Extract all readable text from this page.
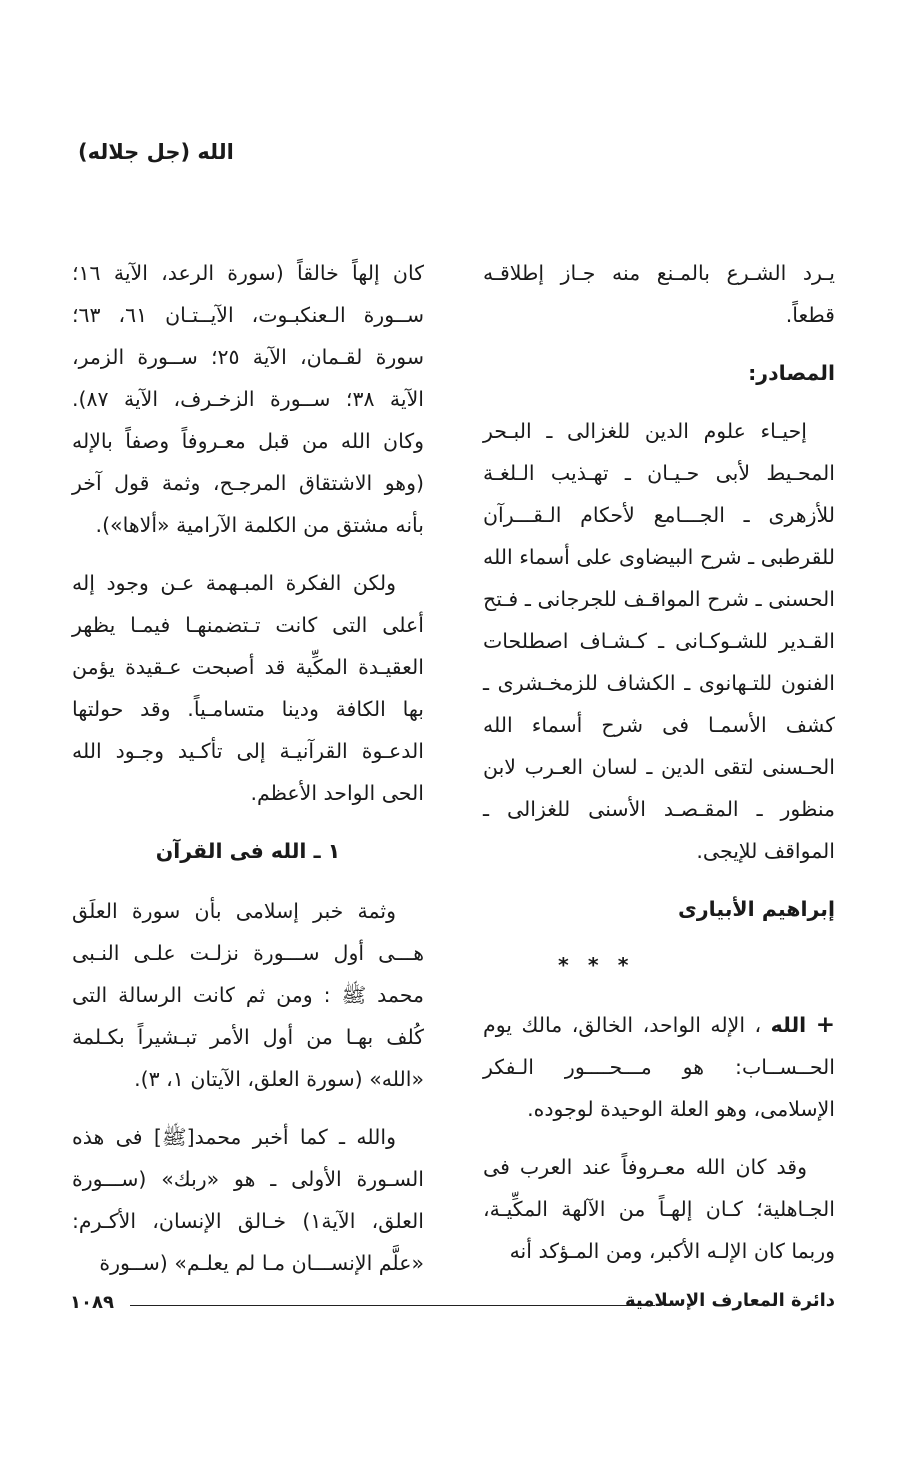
الله (جل جلاله)

يـرد الشـرع بالمـنع منه جـاز إطلاقـه قطعاً.

المصادر:

إحيـاء علوم الدين للغزالى ـ البـحر المحـيط لأبى حـيـان ـ تهـذيب الـلغـة للأزهرى ـ الجـــامع لأحكام الـقـــرآن للقرطبى ـ شرح البيضاوى على أسماء الله الحسنى ـ شرح المواقـف للجرجانى ـ فـتح القـدير للشـوكـانى ـ كـشـاف اصطلحات الفنون للتـهانوى ـ الكشاف للزمخـشرى ـ كشف الأسمـا فى شرح أسماء الله الحـسنى لتقى الدين ـ لسان العـرب لابن منظور ـ المقـصـد الأسنى للغزالى ـ المواقف للإيجى.

إبراهيم الأبيارى
* * *

+ الله ، الإله الواحد، الخالق، مالك يوم الحــســاب: هو مـــحــــور الـفكر الإسلامى، وهو العلة الوحيدة لوجوده.

وقد كان الله معـروفاً عند العرب فى الجـاهلية؛ كـان إلهـاً من الآلهة المكِّيـة، وربما كان الإلـه الأكبر، ومن المـؤكد أنه

كان إلهاً خالقاً (سورة الرعد، الآية ١٦؛ ســورة الـعنكبـوت، الآيــتـان ٦١، ٦٣؛ سورة لقـمان، الآية ٢٥؛ ســورة الزمر، الآية ٣٨؛ ســورة الزخـرف، الآية ٨٧). وكان الله من قبل معـروفاً وصفاً بالإله (وهو الاشتقاق المرجـح، وثمة قول آخر بأنه مشتق من الكلمة الآرامية «ألاها»).

ولكن الفكرة المبـهمة عـن وجود إله أعلى التى كانت تـتضمنهـا فيمـا يظهر العقيـدة المكِّية قد أصبحت عـقيدة يؤمن بها الكافة ودينا متسامـياً. وقد حولتها الدعـوة القرآنيـة إلى تأكـيد وجـود الله الحى الواحد الأعظم.

١ ـ الله فى القرآن

وثمة خبر إسلامى بأن سورة العلَق هـــى أول ســـورة نزلـت علـى النـبى محمد ﷺ : ومن ثم كانت الرسالة التى كُلف بهـا من أول الأمر تبـشيراً بكـلمة «الله» (سورة العلق، الآيتان ١، ٣).

والله ـ كما أخبر محمد[ﷺ] فى هذه السـورة الأولى ـ هو «ربك» (ســـورة العلق، الآية١) خـالق الإنسان، الأكـرم: «علَّم الإنســـان مـا لم يعلـم» (ســورة

١٠٨٩	دائرة المعارف الإسلامية
